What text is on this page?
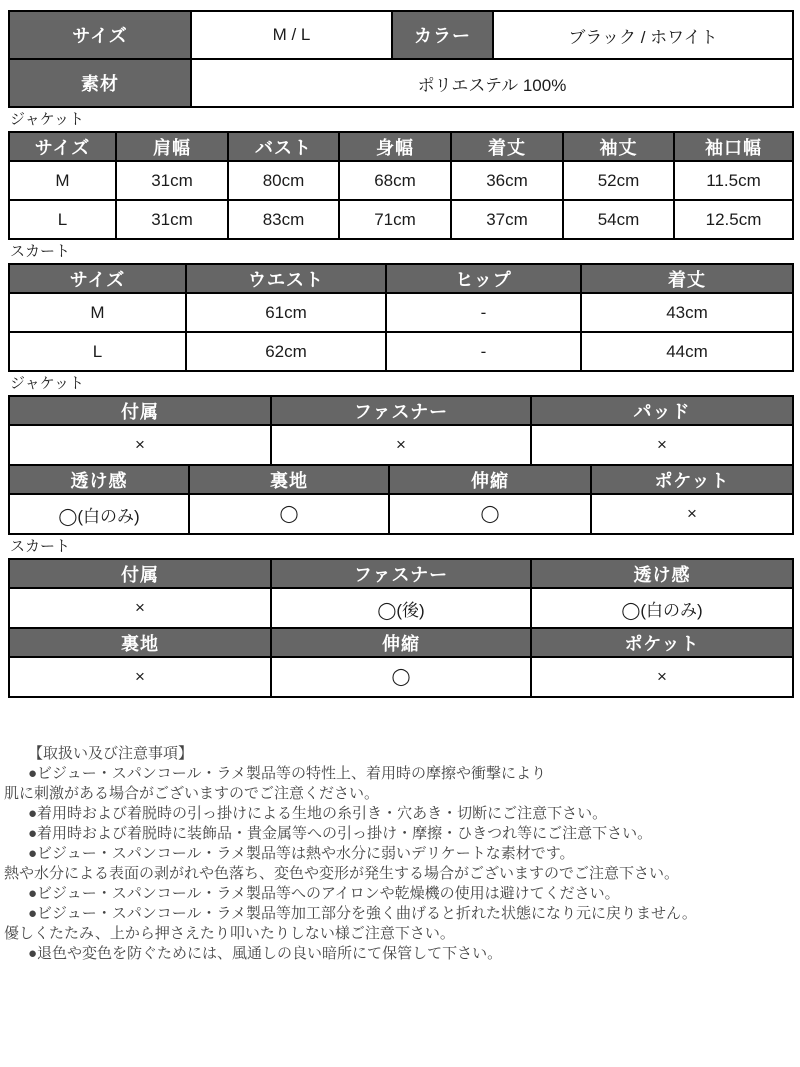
サイズ	M / L	カラー	ブラック / ホワイト
素材	ポリエステル 100%		
ジャケット
サイズ	肩幅	バスト	身幅	着丈	袖丈	袖口幅
M	31cm	80cm	68cm	36cm	52cm	11.5cm
L	31cm	83cm	71cm	37cm	54cm	12.5cm
スカート
サイズ	ウエスト	ヒップ	着丈
M	61cm	-	43cm
L	62cm	-	44cm
ジャケット
付属	ファスナー	パッド
×	×	×
透け感	裏地	伸縮	ポケット
◯(白のみ)	◯	◯	×
スカート
付属	ファスナー	透け感
×	◯(後)	◯(白のみ)
裏地	伸縮	ポケット
×	◯	×
【取扱い及び注意事項】
●ビジュー・スパンコール・ラメ製品等の特性上、着用時の摩擦や衝撃により
肌に刺激がある場合がございますのでご注意ください。
●着用時および着脱時の引っ掛けによる生地の糸引き・穴あき・切断にご注意下さい。
●着用時および着脱時に装飾品・貴金属等への引っ掛け・摩擦・ひきつれ等にご注意下さい。
●ビジュー・スパンコール・ラメ製品等は熱や水分に弱いデリケートな素材です。
熱や水分による表面の剥がれや色落ち、変色や変形が発生する場合がございますのでご注意下さい。
●ビジュー・スパンコール・ラメ製品等へのアイロンや乾燥機の使用は避けてください。
●ビジュー・スパンコール・ラメ製品等加工部分を強く曲げると折れた状態になり元に戻りません。
優しくたたみ、上から押さえたり叩いたりしない様ご注意下さい。
●退色や変色を防ぐためには、風通しの良い暗所にて保管して下さい。
